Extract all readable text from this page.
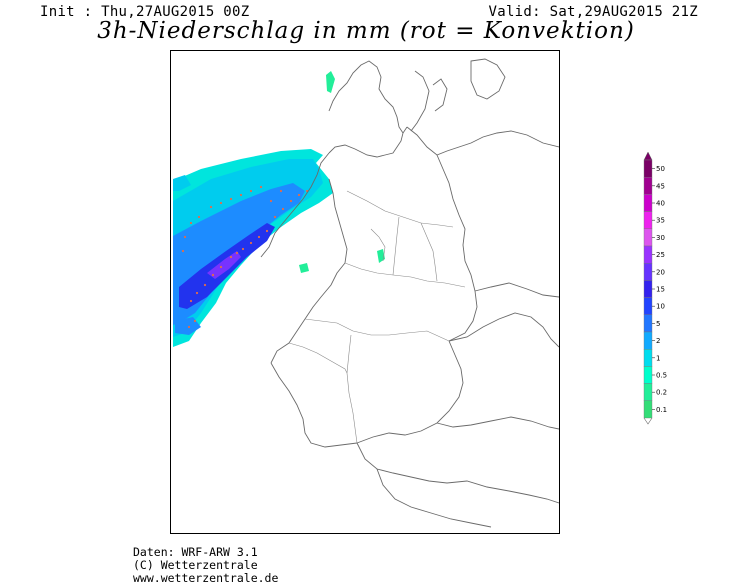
Init : Thu,27AUG2015 00Z	Valid: Sat,29AUG2015 21Z
3h-Niederschlag in mm (rot = Konvektion)
50
45
40
35
30
25
20
15
10
5
2
1
0.5
0.2
0.1
Daten: WRF-ARW 3.1
(C) Wetterzentrale
www.wetterzentrale.de
